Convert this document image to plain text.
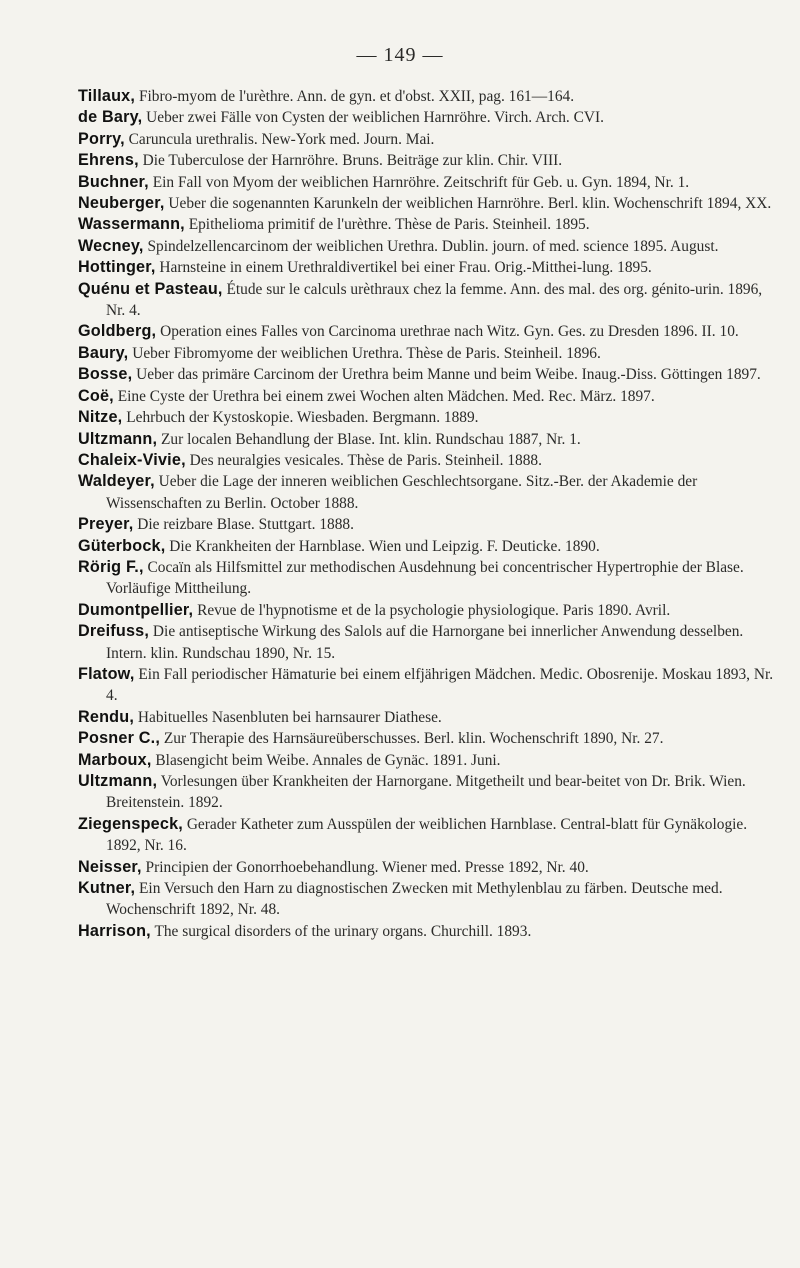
— 149 —
Tillaux, Fibro-myom de l'urèthre. Ann. de gyn. et d'obst. XXII, pag. 161—164.
de Bary, Ueber zwei Fälle von Cysten der weiblichen Harnröhre. Virch. Arch. CVI.
Porry, Caruncula urethralis. New-York med. Journ. Mai.
Ehrens, Die Tuberculose der Harnröhre. Bruns. Beiträge zur klin. Chir. VIII.
Buchner, Ein Fall von Myom der weiblichen Harnröhre. Zeitschrift für Geb. u. Gyn. 1894, Nr. 1.
Neuberger, Ueber die sogenannten Karunkeln der weiblichen Harnröhre. Berl. klin. Wochenschrift 1894, XX.
Wassermann, Epithelioma primitif de l'urèthre. Thèse de Paris. Steinheil. 1895.
Wecney, Spindelzellencarcinom der weiblichen Urethra. Dublin. journ. of med. science 1895. August.
Hottinger, Harnsteine in einem Urethraldivertikel bei einer Frau. Orig.-Mitthei-lung. 1895.
Quénu et Pasteau, Étude sur le calculs urèthraux chez la femme. Ann. des mal. des org. génito-urin. 1896, Nr. 4.
Goldberg, Operation eines Falles von Carcinoma urethrae nach Witz. Gyn. Ges. zu Dresden 1896. II. 10.
Baury, Ueber Fibromyome der weiblichen Urethra. Thèse de Paris. Steinheil. 1896.
Bosse, Ueber das primäre Carcinom der Urethra beim Manne und beim Weibe. Inaug.-Diss. Göttingen 1897.
Coë, Eine Cyste der Urethra bei einem zwei Wochen alten Mädchen. Med. Rec. März. 1897.
Nitze, Lehrbuch der Kystoskopie. Wiesbaden. Bergmann. 1889.
Ultzmann, Zur localen Behandlung der Blase. Int. klin. Rundschau 1887, Nr. 1.
Chaleix-Vivie, Des neuralgies vesicales. Thèse de Paris. Steinheil. 1888.
Waldeyer, Ueber die Lage der inneren weiblichen Geschlechtsorgane. Sitz.-Ber. der Akademie der Wissenschaften zu Berlin. October 1888.
Preyer, Die reizbare Blase. Stuttgart. 1888.
Güterbock, Die Krankheiten der Harnblase. Wien und Leipzig. F. Deuticke. 1890.
Rörig F., Cocaïn als Hilfsmittel zur methodischen Ausdehnung bei concentrischer Hypertrophie der Blase. Vorläufige Mittheilung.
Dumontpellier, Revue de l'hypnotisme et de la psychologie physiologique. Paris 1890. Avril.
Dreifuss, Die antiseptische Wirkung des Salols auf die Harnorgane bei innerlicher Anwendung desselben. Intern. klin. Rundschau 1890, Nr. 15.
Flatow, Ein Fall periodischer Hämaturie bei einem elfjährigen Mädchen. Medic. Obosrenije. Moskau 1893, Nr. 4.
Rendu, Habituelles Nasenbluten bei harnsaurer Diathese.
Posner C., Zur Therapie des Harnsäureüberschusses. Berl. klin. Wochenschrift 1890, Nr. 27.
Marboux, Blasengicht beim Weibe. Annales de Gynäc. 1891. Juni.
Ultzmann, Vorlesungen über Krankheiten der Harnorgane. Mitgetheilt und bear-beitet von Dr. Brik. Wien. Breitenstein. 1892.
Ziegenspeck, Gerader Katheter zum Ausspülen der weiblichen Harnblase. Central-blatt für Gynäkologie. 1892, Nr. 16.
Neisser, Principien der Gonorrhoebehandlung. Wiener med. Presse 1892, Nr. 40.
Kutner, Ein Versuch den Harn zu diagnostischen Zwecken mit Methylenblau zu färben. Deutsche med. Wochenschrift 1892, Nr. 48.
Harrison, The surgical disorders of the urinary organs. Churchill. 1893.
